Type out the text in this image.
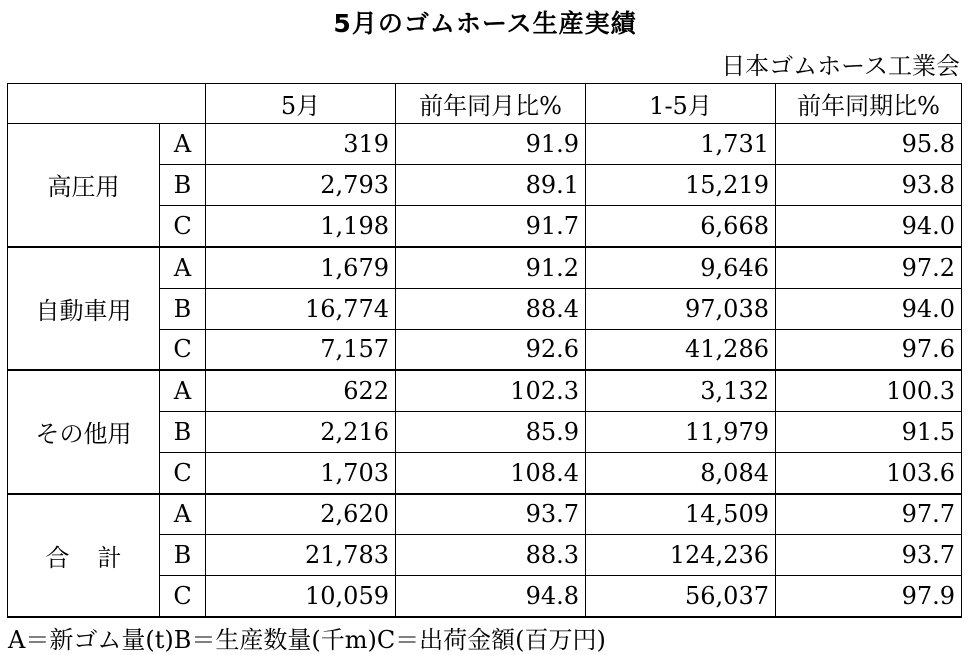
5月のゴムホース生産実績
日本ゴムホース工業会
		5月	前年同月比%	1-5月	前年同期比%
高圧用	A	319	91.9	1,731	95.8
	B	2,793	89.1	15,219	93.8
	C	1,198	91.7	6,668	94.0
自動車用	A	1,679	91.2	9,646	97.2
	B	16,774	88.4	97,038	94.0
	C	7,157	92.6	41,286	97.6
その他用	A	622	102.3	3,132	100.3
	B	2,216	85.9	11,979	91.5
	C	1,703	108.4	8,084	103.6
合計	A	2,620	93.7	14,509	97.7
	B	21,783	88.3	124,236	93.7
	C	10,059	94.8	56,037	97.9
A＝新ゴム量(t)B＝生産数量(千m)C＝出荷金額(百万円)
